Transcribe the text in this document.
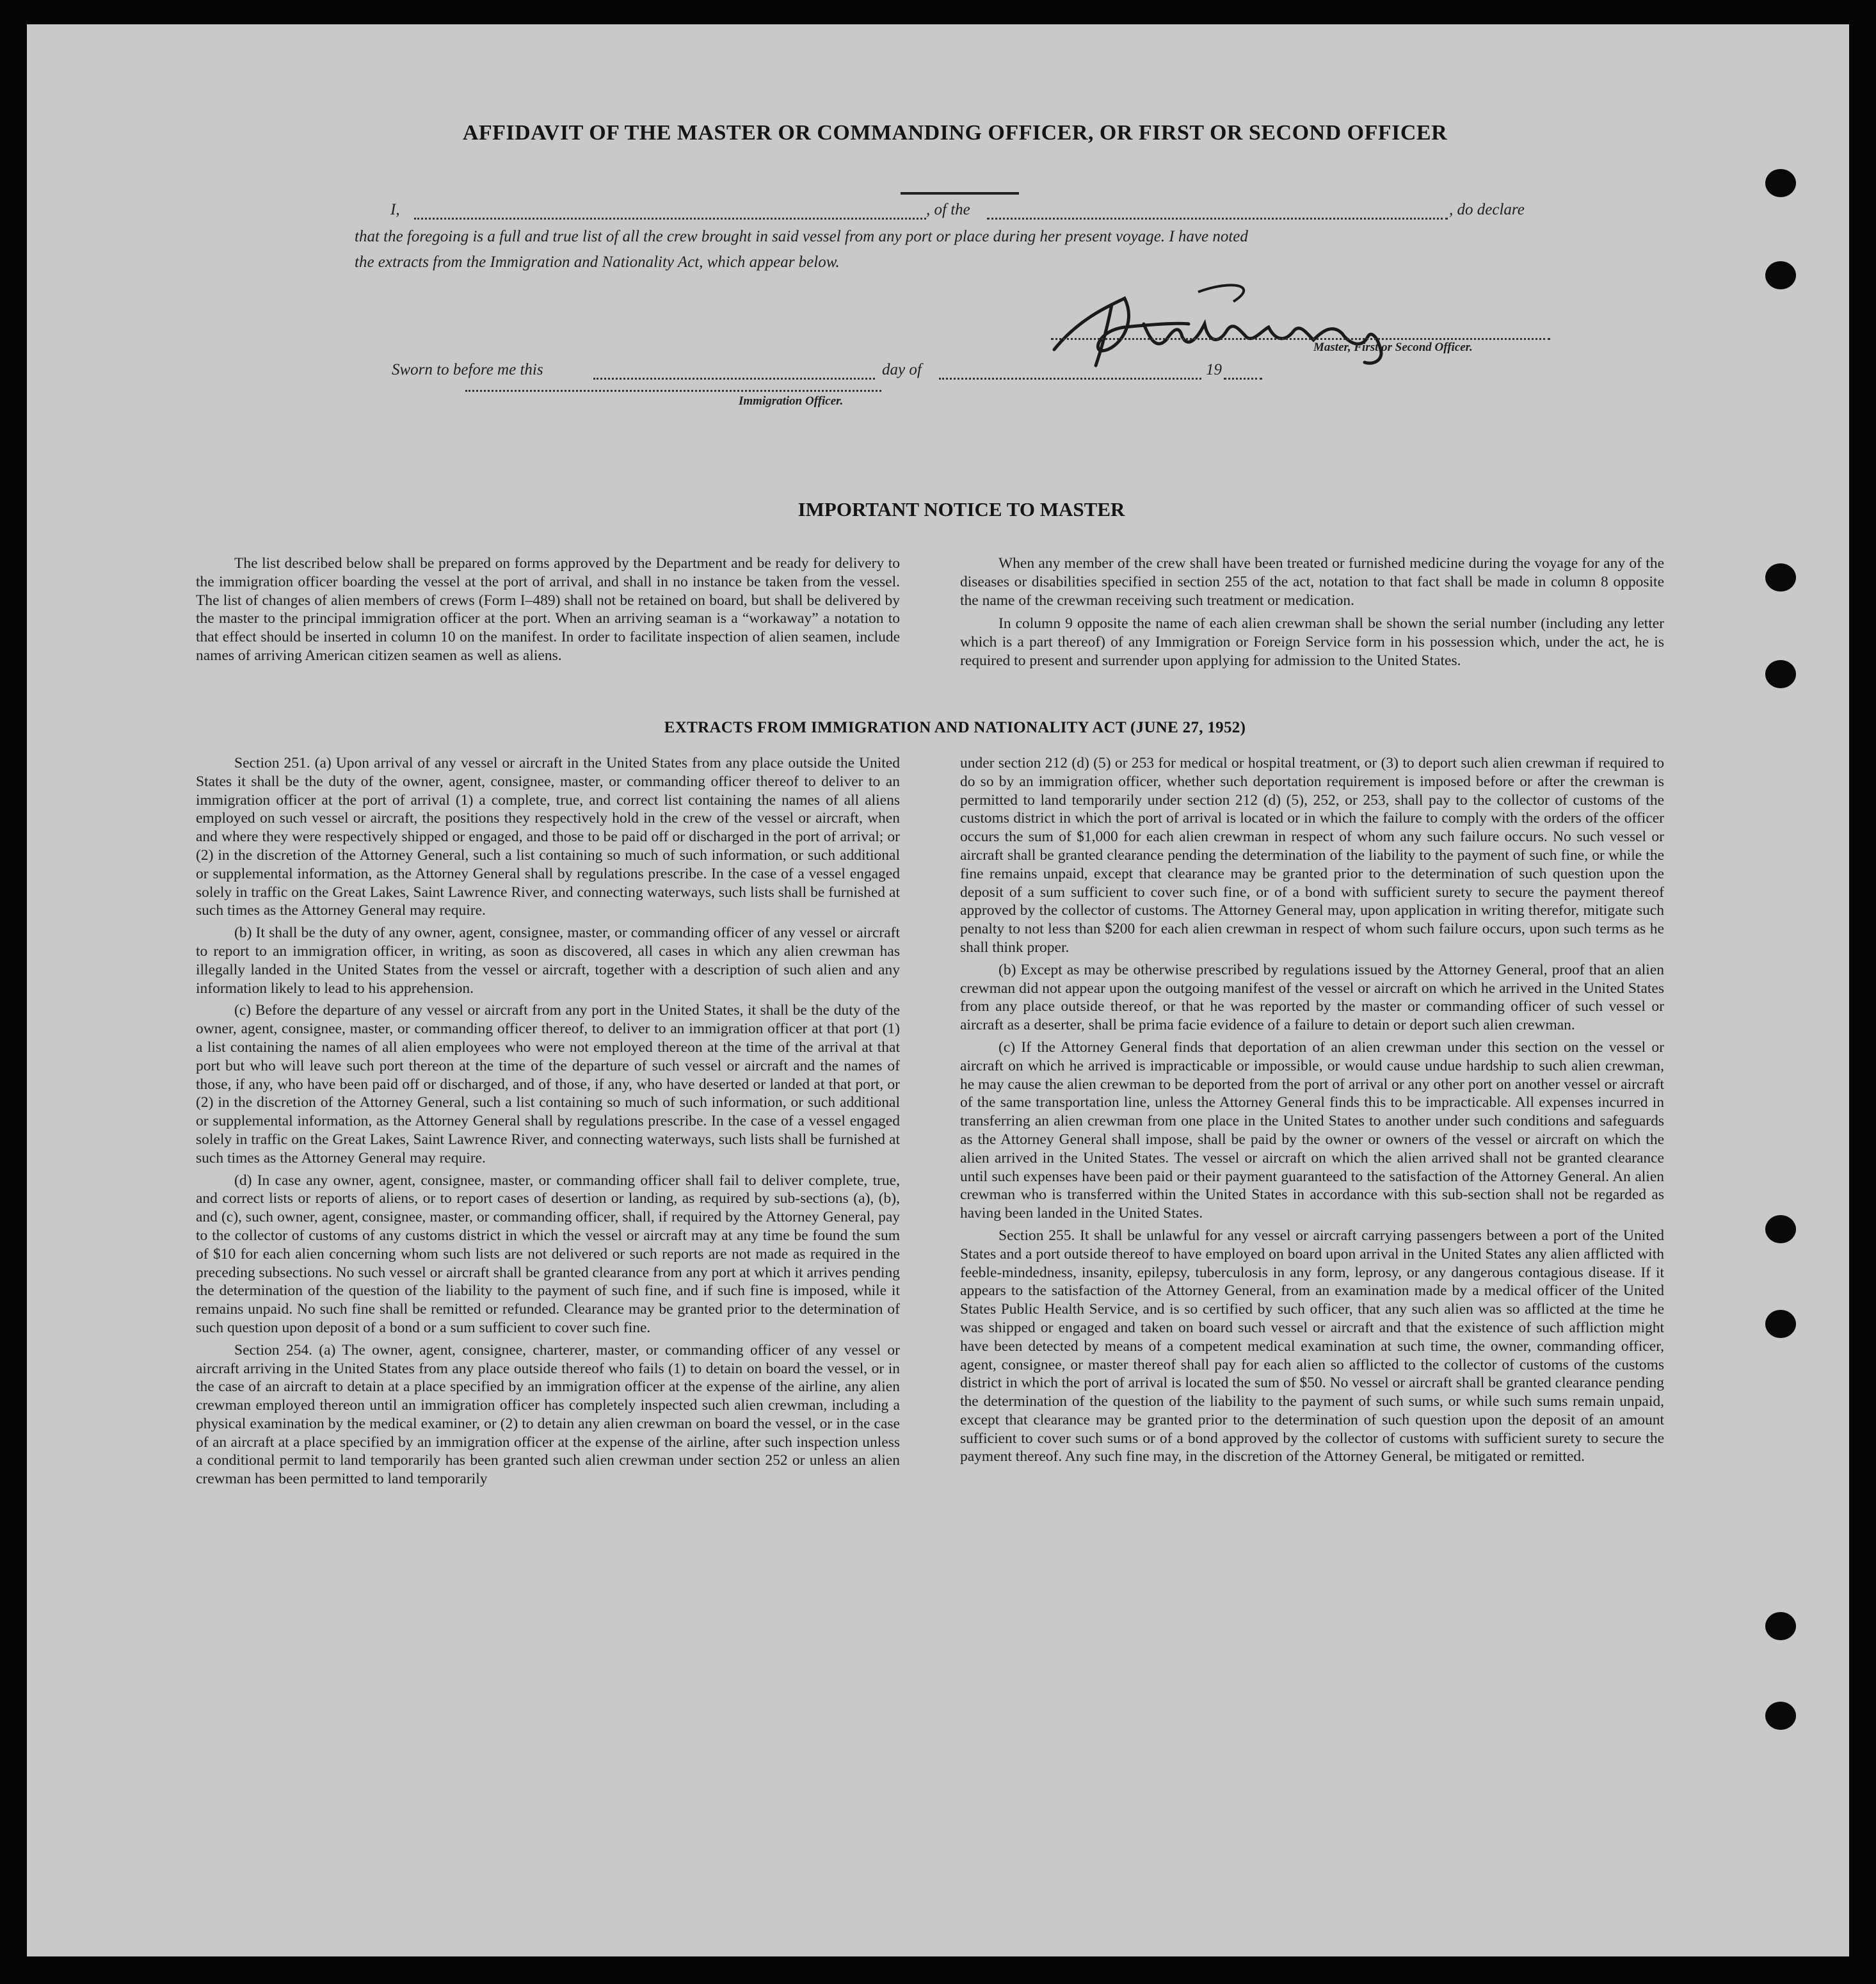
AFFIDAVIT OF THE MASTER OR COMMANDING OFFICER, OR FIRST OR SECOND OFFICER
I,	, of the	, do declare
that the foregoing is a full and true list of all the crew brought in said vessel from any port or place during her present voyage. I have noted
the extracts from the Immigration and Nationality Act, which appear below.
Master, First or Second Officer.
Sworn to before me this	day of	19
Immigration Officer.
IMPORTANT NOTICE TO MASTER

The list described below shall be prepared on forms approved by the Department and be ready for delivery to the immigration officer boarding the vessel at the port of arrival, and shall in no instance be taken from the vessel. The list of changes of alien members of crews (Form I–489) shall not be retained on board, but shall be delivered by the master to the principal immigration officer at the port. When an arriving seaman is a “workaway” a notation to that effect should be inserted in column 10 on the manifest. In order to facilitate inspection of alien seamen, include names of arriving American citizen seamen as well as aliens.

When any member of the crew shall have been treated or furnished medicine during the voyage for any of the diseases or disabilities specified in section 255 of the act, notation to that fact shall be made in column 8 opposite the name of the crewman receiving such treatment or medication.

In column 9 opposite the name of each alien crewman shall be shown the serial number (including any letter which is a part thereof) of any Immigration or Foreign Service form in his possession which, under the act, he is required to present and surrender upon applying for admission to the United States.

EXTRACTS FROM IMMIGRATION AND NATIONALITY ACT (JUNE 27, 1952)

Section 251. (a) Upon arrival of any vessel or aircraft in the United States from any place outside the United States it shall be the duty of the owner, agent, consignee, master, or commanding officer thereof to deliver to an immigration officer at the port of arrival (1) a complete, true, and correct list containing the names of all aliens employed on such vessel or aircraft, the positions they respectively hold in the crew of the vessel or aircraft, when and where they were respectively shipped or engaged, and those to be paid off or discharged in the port of arrival; or (2) in the discretion of the Attorney General, such a list containing so much of such information, or such additional or supplemental information, as the Attorney General shall by regulations prescribe. In the case of a vessel engaged solely in traffic on the Great Lakes, Saint Lawrence River, and connecting waterways, such lists shall be furnished at such times as the Attorney General may require.

(b) It shall be the duty of any owner, agent, consignee, master, or commanding officer of any vessel or aircraft to report to an immigration officer, in writing, as soon as discovered, all cases in which any alien crewman has illegally landed in the United States from the vessel or aircraft, together with a description of such alien and any information likely to lead to his apprehension.

(c) Before the departure of any vessel or aircraft from any port in the United States, it shall be the duty of the owner, agent, consignee, master, or commanding officer thereof, to deliver to an immigration officer at that port (1) a list containing the names of all alien employees who were not employed thereon at the time of the arrival at that port but who will leave such port thereon at the time of the departure of such vessel or aircraft and the names of those, if any, who have been paid off or discharged, and of those, if any, who have deserted or landed at that port, or (2) in the discretion of the Attorney General, such a list containing so much of such information, or such additional or supplemental information, as the Attorney General shall by regulations prescribe. In the case of a vessel engaged solely in traffic on the Great Lakes, Saint Lawrence River, and connecting waterways, such lists shall be furnished at such times as the Attorney General may require.

(d) In case any owner, agent, consignee, master, or commanding officer shall fail to deliver complete, true, and correct lists or reports of aliens, or to report cases of desertion or landing, as required by sub-sections (a), (b), and (c), such owner, agent, consignee, master, or commanding officer, shall, if required by the Attorney General, pay to the collector of customs of any customs district in which the vessel or aircraft may at any time be found the sum of $10 for each alien concerning whom such lists are not delivered or such reports are not made as required in the preceding subsections. No such vessel or aircraft shall be granted clearance from any port at which it arrives pending the determination of the question of the liability to the payment of such fine, and if such fine is imposed, while it remains unpaid. No such fine shall be remitted or refunded. Clearance may be granted prior to the determination of such question upon deposit of a bond or a sum sufficient to cover such fine.

Section 254. (a) The owner, agent, consignee, charterer, master, or commanding officer of any vessel or aircraft arriving in the United States from any place outside thereof who fails (1) to detain on board the vessel, or in the case of an aircraft to detain at a place specified by an immigration officer at the expense of the airline, any alien crewman employed thereon until an immigration officer has completely inspected such alien crewman, including a physical examination by the medical examiner, or (2) to detain any alien crewman on board the vessel, or in the case of an aircraft at a place specified by an immigration officer at the expense of the airline, after such inspection unless a conditional permit to land temporarily has been granted such alien crewman under section 252 or unless an alien crewman has been permitted to land temporarily

under section 212 (d) (5) or 253 for medical or hospital treatment, or (3) to deport such alien crewman if required to do so by an immigration officer, whether such deportation requirement is imposed before or after the crewman is permitted to land temporarily under section 212 (d) (5), 252, or 253, shall pay to the collector of customs of the customs district in which the port of arrival is located or in which the failure to comply with the orders of the officer occurs the sum of $1,000 for each alien crewman in respect of whom any such failure occurs. No such vessel or aircraft shall be granted clearance pending the determination of the liability to the payment of such fine, or while the fine remains unpaid, except that clearance may be granted prior to the determination of such question upon the deposit of a sum sufficient to cover such fine, or of a bond with sufficient surety to secure the payment thereof approved by the collector of customs. The Attorney General may, upon application in writing therefor, mitigate such penalty to not less than $200 for each alien crewman in respect of whom such failure occurs, upon such terms as he shall think proper.

(b) Except as may be otherwise prescribed by regulations issued by the Attorney General, proof that an alien crewman did not appear upon the outgoing manifest of the vessel or aircraft on which he arrived in the United States from any place outside thereof, or that he was reported by the master or commanding officer of such vessel or aircraft as a deserter, shall be prima facie evidence of a failure to detain or deport such alien crewman.

(c) If the Attorney General finds that deportation of an alien crewman under this section on the vessel or aircraft on which he arrived is impracticable or impossible, or would cause undue hardship to such alien crewman, he may cause the alien crewman to be deported from the port of arrival or any other port on another vessel or aircraft of the same transportation line, unless the Attorney General finds this to be impracticable. All expenses incurred in transferring an alien crewman from one place in the United States to another under such conditions and safeguards as the Attorney General shall impose, shall be paid by the owner or owners of the vessel or aircraft on which the alien arrived in the United States. The vessel or aircraft on which the alien arrived shall not be granted clearance until such expenses have been paid or their payment guaranteed to the satisfaction of the Attorney General. An alien crewman who is transferred within the United States in accordance with this sub-section shall not be regarded as having been landed in the United States.

Section 255. It shall be unlawful for any vessel or aircraft carrying passengers between a port of the United States and a port outside thereof to have employed on board upon arrival in the United States any alien afflicted with feeble-mindedness, insanity, epilepsy, tuberculosis in any form, leprosy, or any dangerous contagious disease. If it appears to the satisfaction of the Attorney General, from an examination made by a medical officer of the United States Public Health Service, and is so certified by such officer, that any such alien was so afflicted at the time he was shipped or engaged and taken on board such vessel or aircraft and that the existence of such affliction might have been detected by means of a competent medical examination at such time, the owner, commanding officer, agent, consignee, or master thereof shall pay for each alien so afflicted to the collector of customs of the customs district in which the port of arrival is located the sum of $50. No vessel or aircraft shall be granted clearance pending the determination of the question of the liability to the payment of such sums, or while such sums remain unpaid, except that clearance may be granted prior to the determination of such question upon the deposit of an amount sufficient to cover such sums or of a bond approved by the collector of customs with sufficient surety to secure the payment thereof. Any such fine may, in the discretion of the Attorney General, be mitigated or remitted.
